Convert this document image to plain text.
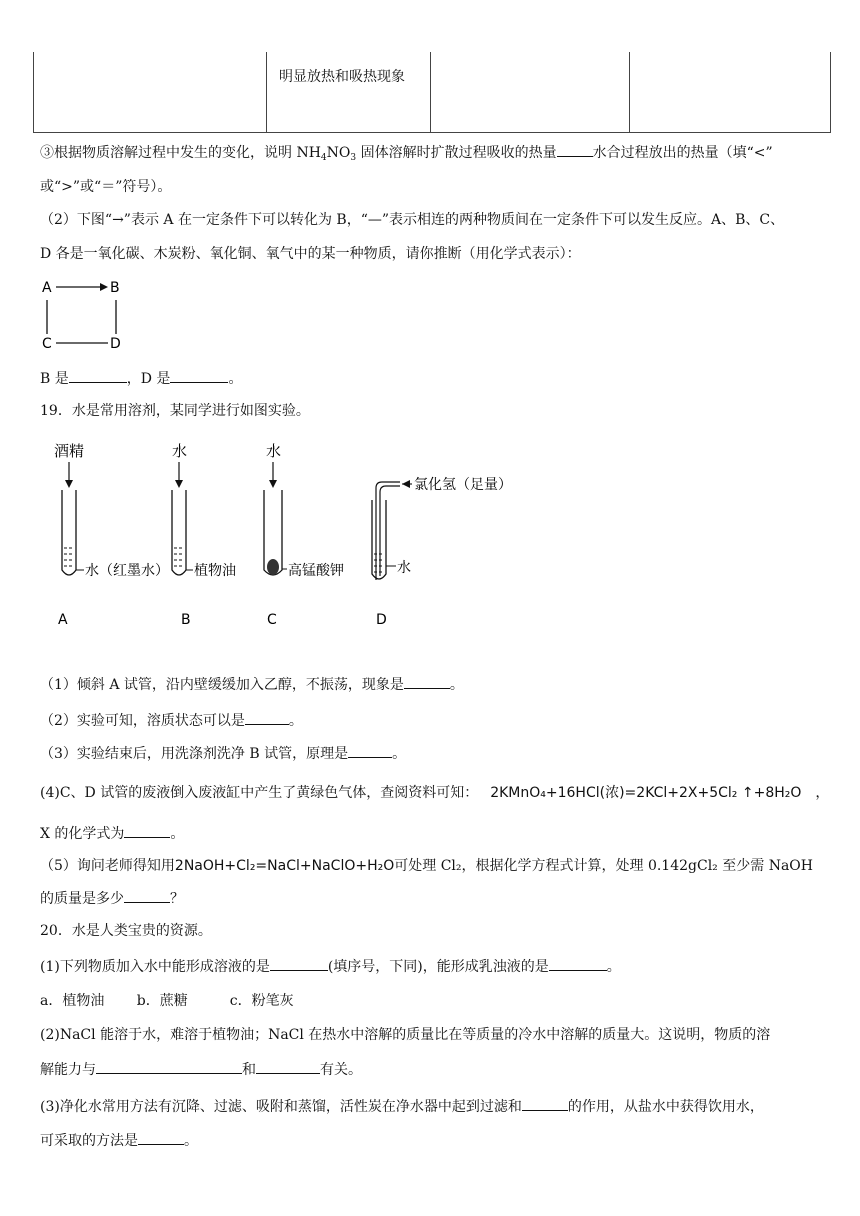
明显放热和吸热现象
③根据物质溶解过程中发生的变化，说明 $NH_4NO_3$ 固体溶解时扩散过程吸收的热量	水合过程放出的热量（填“<”
或“>”或“＝”符号）。
（2）下图“→”表示 A 在一定条件下可以转化为 B，“—”表示相连的两种物质间在一定条件下可以发生反应。A、B、C、
D 各是一氧化碳、木炭粉、氧化铜、氧气中的某一种物质，请你推断（用化学式表示）：
A	B
C	D
B 是	，D 是	。
19．水是常用溶剂，某同学进行如图实验。
酒精
水（红墨水）
A
水
植物油
B
水
高锰酸钾
C
氯化氢（足量）
水
D
（1）倾斜 A 试管，沿内壁缓缓加入乙醇，不振荡，现象是	。
（2）实验可知，溶质状态可以是	。
（3）实验结束后，用洗涤剂洗净 B 试管，原理是	。
(4)C、D 试管的废液倒入废液缸中产生了黄绿色气体，查阅资料可知： 2KMnO₄+16HCl(浓)=2KCl+2X+5Cl₂ ↑+8H₂O ，
X 的化学式为	。
（5）询问老师得知用2NaOH+Cl₂=NaCl+NaClO+H₂O可处理 Cl₂，根据化学方程式计算，处理 0.142gCl₂ 至少需 NaOH
的质量是多少	？
20．水是人类宝贵的资源。
(1)下列物质加入水中能形成溶液的是	(填序号，下同)，能形成乳浊液的是	。
a．植物油　　 b．蔗糖　　　c．粉笔灰
(2)NaCl 能溶于水，难溶于植物油；NaCl 在热水中溶解的质量比在等质量的冷水中溶解的质量大。这说明，物质的溶
解能力与	和	有关。
(3)净化水常用方法有沉降、过滤、吸附和蒸馏，活性炭在净水器中起到过滤和	的作用，从盐水中获得饮用水，
可采取的方法是	。
